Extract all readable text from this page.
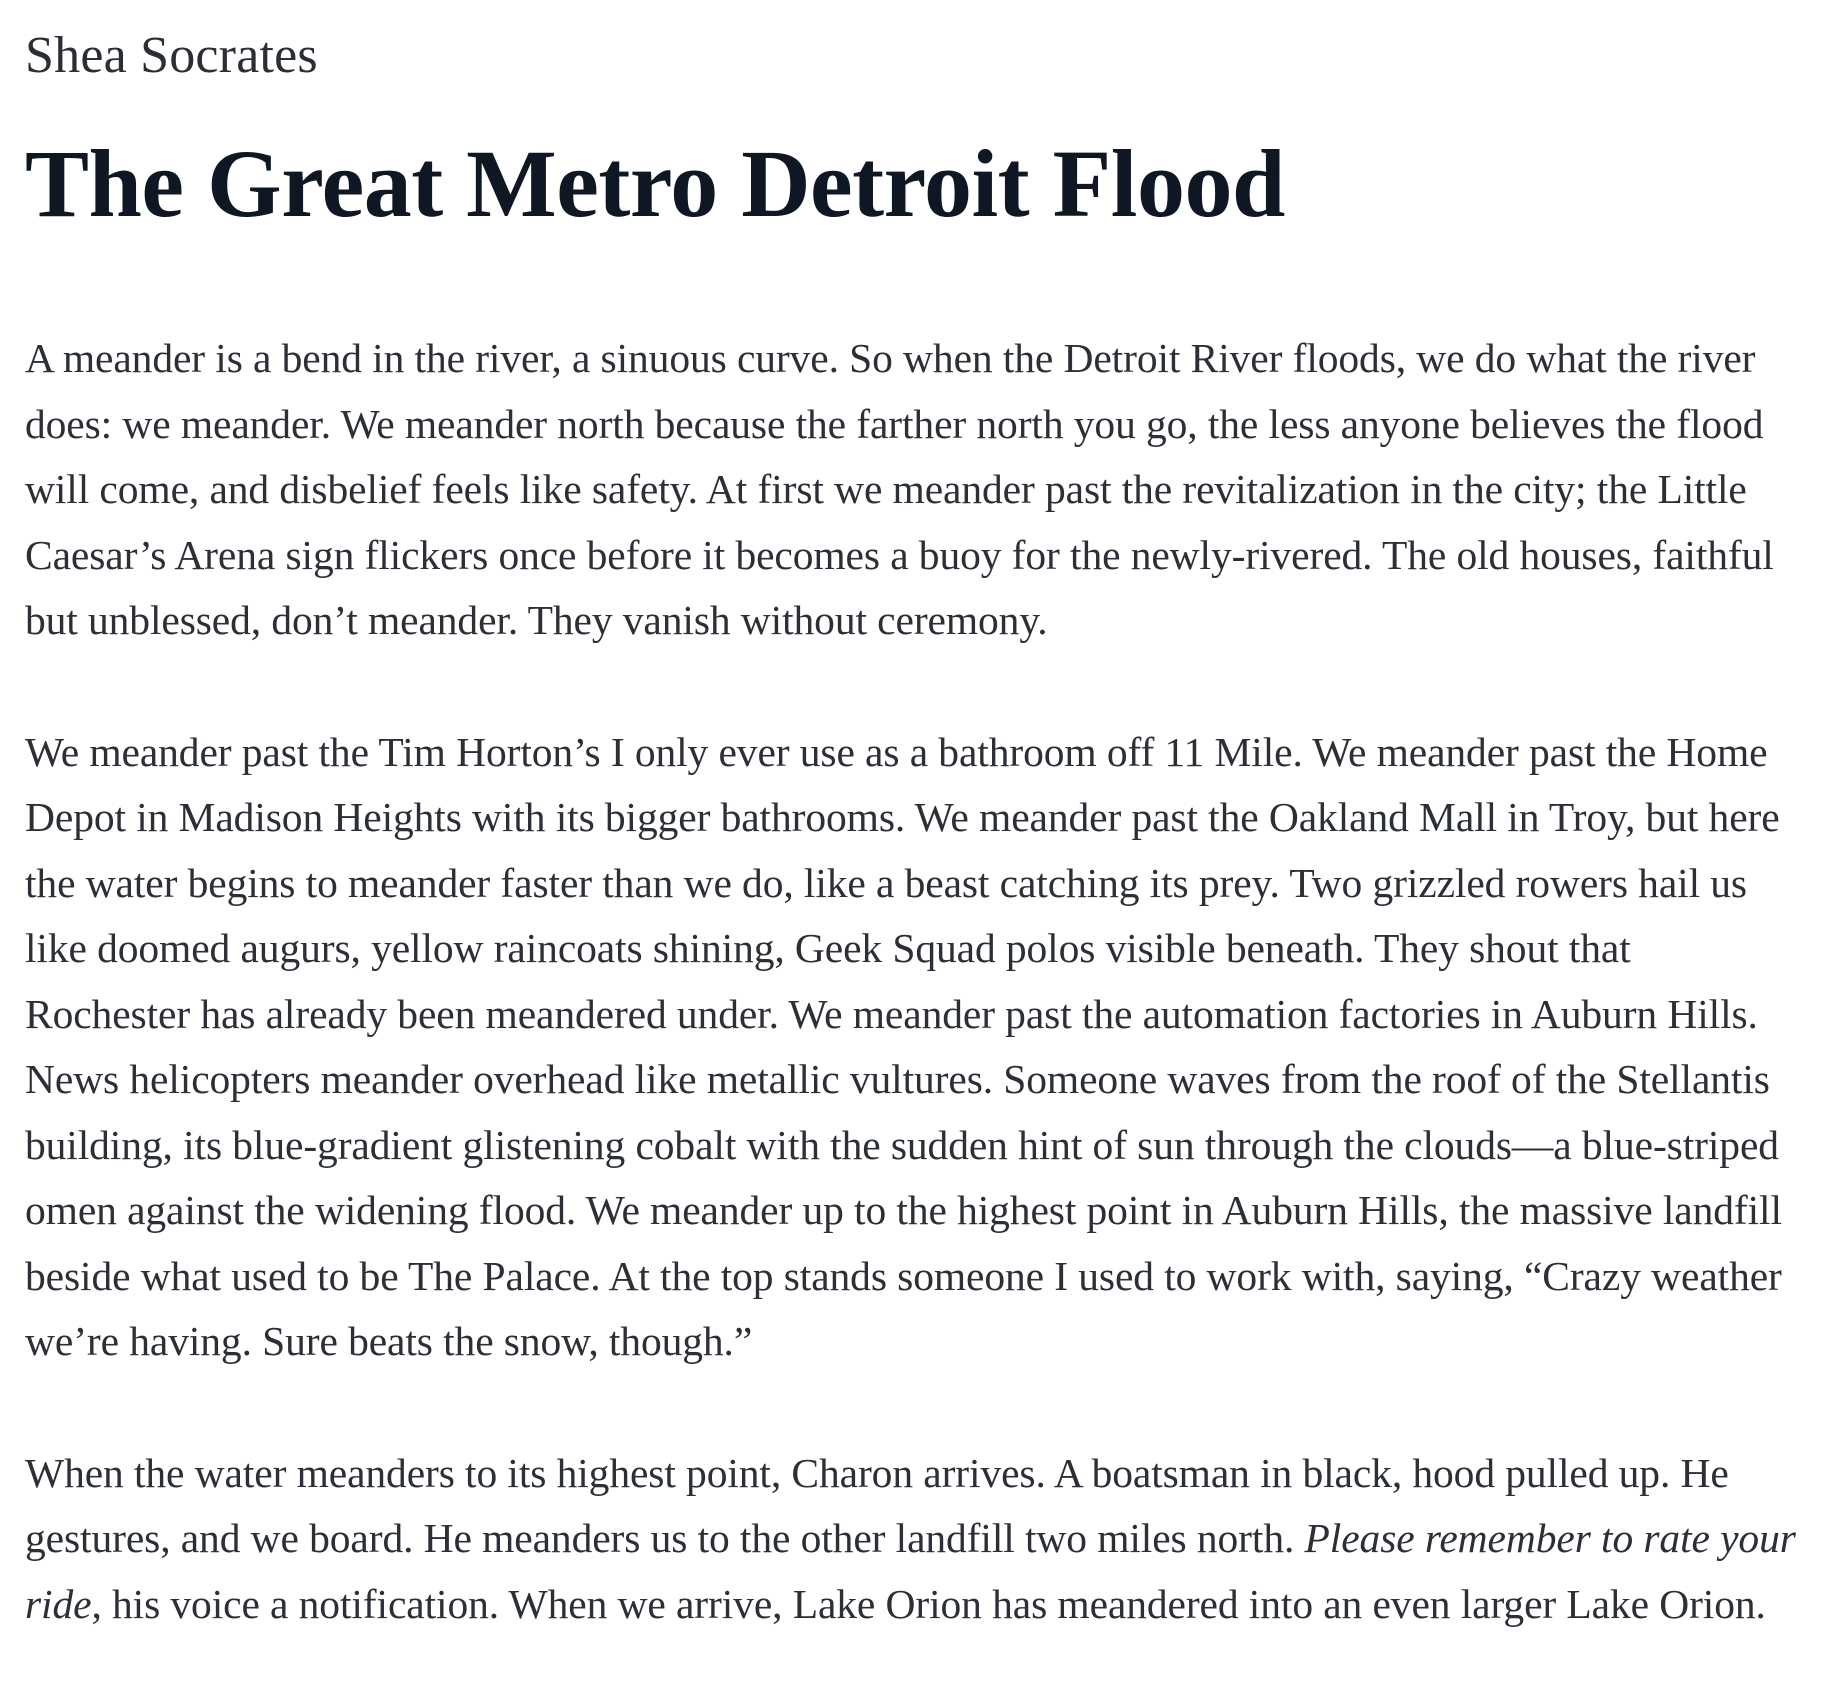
Shea Socrates
The Great Metro Detroit Flood

A meander is a bend in the river, a sinuous curve. So when the Detroit River floods, we do what the river does: we meander. We meander north because the farther north you go, the less anyone believes the flood will come, and disbelief feels like safety. At first we meander past the revitalization in the city; the Little Caesar’s Arena sign flickers once before it becomes a buoy for the newly-rivered. The old houses, faithful but unblessed, don’t meander. They vanish without ceremony.

We meander past the Tim Horton’s I only ever use as a bathroom off 11 Mile. We meander past the Home Depot in Madison Heights with its bigger bathrooms. We meander past the Oakland Mall in Troy, but here the water begins to meander faster than we do, like a beast catching its prey. Two grizzled rowers hail us like doomed augurs, yellow raincoats shining, Geek Squad polos visible beneath. They shout that Rochester has already been meandered under. We meander past the automation factories in Auburn Hills. News helicopters meander overhead like metallic vultures. Someone waves from the roof of the Stellantis building, its blue-gradient glistening cobalt with the sudden hint of sun through the clouds—a blue-striped omen against the widening flood. We meander up to the highest point in Auburn Hills, the massive landfill beside what used to be The Palace. At the top stands someone I used to work with, saying, “Crazy weather we’re having. Sure beats the snow, though.”

When the water meanders to its highest point, Charon arrives. A boatsman in black, hood pulled up. He gestures, and we board. He meanders us to the other landfill two miles north. Please remember to rate your ride, his voice a notification. When we arrive, Lake Orion has meandered into an even larger Lake Orion.
